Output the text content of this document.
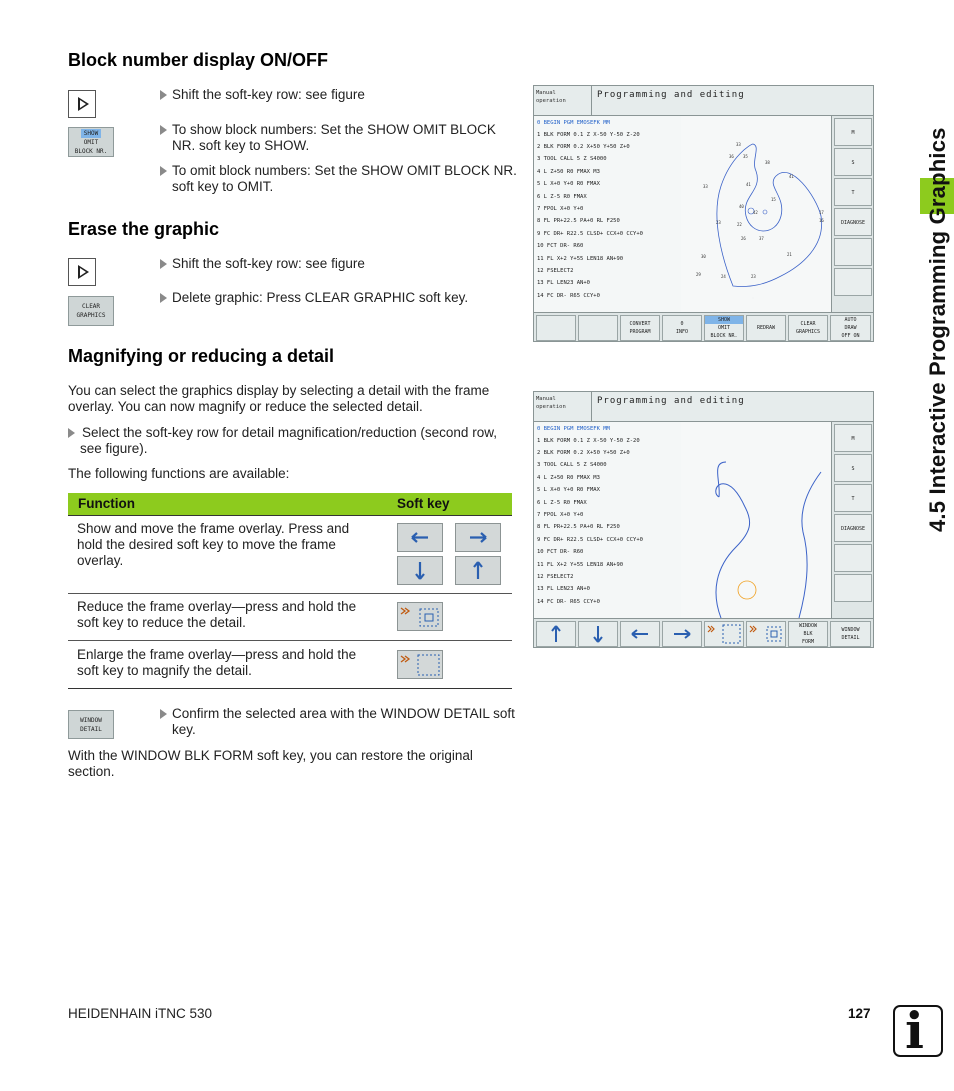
4.5 Interactive Programming Graphics
Block number display ON/OFF
Shift the soft-key row: see figure
SHOW
OMIT
BLOCK NR.
To show block numbers: Set the SHOW OMIT BLOCK NR. soft key to SHOW.
To omit block numbers: Set the SHOW OMIT BLOCK NR. soft key to OMIT.
Erase the graphic
Shift the soft-key row: see figure
CLEAR
GRAPHICS
Delete graphic: Press CLEAR GRAPHIC soft key.
Magnifying or reducing a detail
You can select the graphics display by selecting a detail with the frame overlay. You can now magnify or reduce the selected detail.
Select the soft-key row for detail magnification/reduction (second row, see figure).
The following functions are available:
Function	Soft key
Show and move the frame overlay. Press and hold the desired soft key to move the frame overlay.
Reduce the frame overlay—press and hold the soft key to reduce the detail.
Enlarge the frame overlay—press and hold the soft key to magnify the detail.
WINDOW
DETAIL
Confirm the selected area with the WINDOW DETAIL soft key.
With the WINDOW BLK FORM soft key, you can restore the original section.
Manual
operation
Programming and editing
0 BEGIN PGM EMOSEFK MM
1 BLK FORM 0.1 Z X-50 Y-50 Z-20
2 BLK FORM 0.2 X+50 Y+50 Z+0
3 TOOL CALL 5 Z S4000
4 L Z+50 R0 FMAX M3
5 L X+0 Y+0 R0 FMAX
6 L Z-5 R0 FMAX
7 FPOL X+0 Y+0
8 FL PR+22.5 PA+0 RL F250
9 FC DR+ R22.5 CLSD+ CCX+0 CCY+0
10 FCT DR- R60
11 FL X+2 Y+55 LEN18 AN+90
12 FSELECT2
13 FL LEN23 AN+0
14 FC DR- R65 CCY+0
33
36 35
38
41
41
33
15
40
42	17
16
23	22
26	37
30	21
29	24	23
M
S
T
DIAGNOSE
CONVERT
PROGRAM
0
INFO
SHOW
OMIT
BLOCK NR.
REDRAW
CLEAR
GRAPHICS
AUTO
DRAW
OFF ON
Manual
operation
Programming and editing
0 BEGIN PGM EMOSEFK MM
1 BLK FORM 0.1 Z X-50 Y-50 Z-20
2 BLK FORM 0.2 X+50 Y+50 Z+0
3 TOOL CALL 5 Z S4000
4 L Z+50 R0 FMAX M3
5 L X+0 Y+0 R0 FMAX
6 L Z-5 R0 FMAX
7 FPOL X+0 Y+0
8 FL PR+22.5 PA+0 RL F250
9 FC DR+ R22.5 CLSD+ CCX+0 CCY+0
10 FCT DR- R60
11 FL X+2 Y+55 LEN18 AN+90
12 FSELECT2
13 FL LEN23 AN+0
14 FC DR- R65 CCY+0
M
S
T
DIAGNOSE
WINDOW
BLK
FORM
WINDOW
DETAIL
HEIDENHAIN iTNC 530	127 i
